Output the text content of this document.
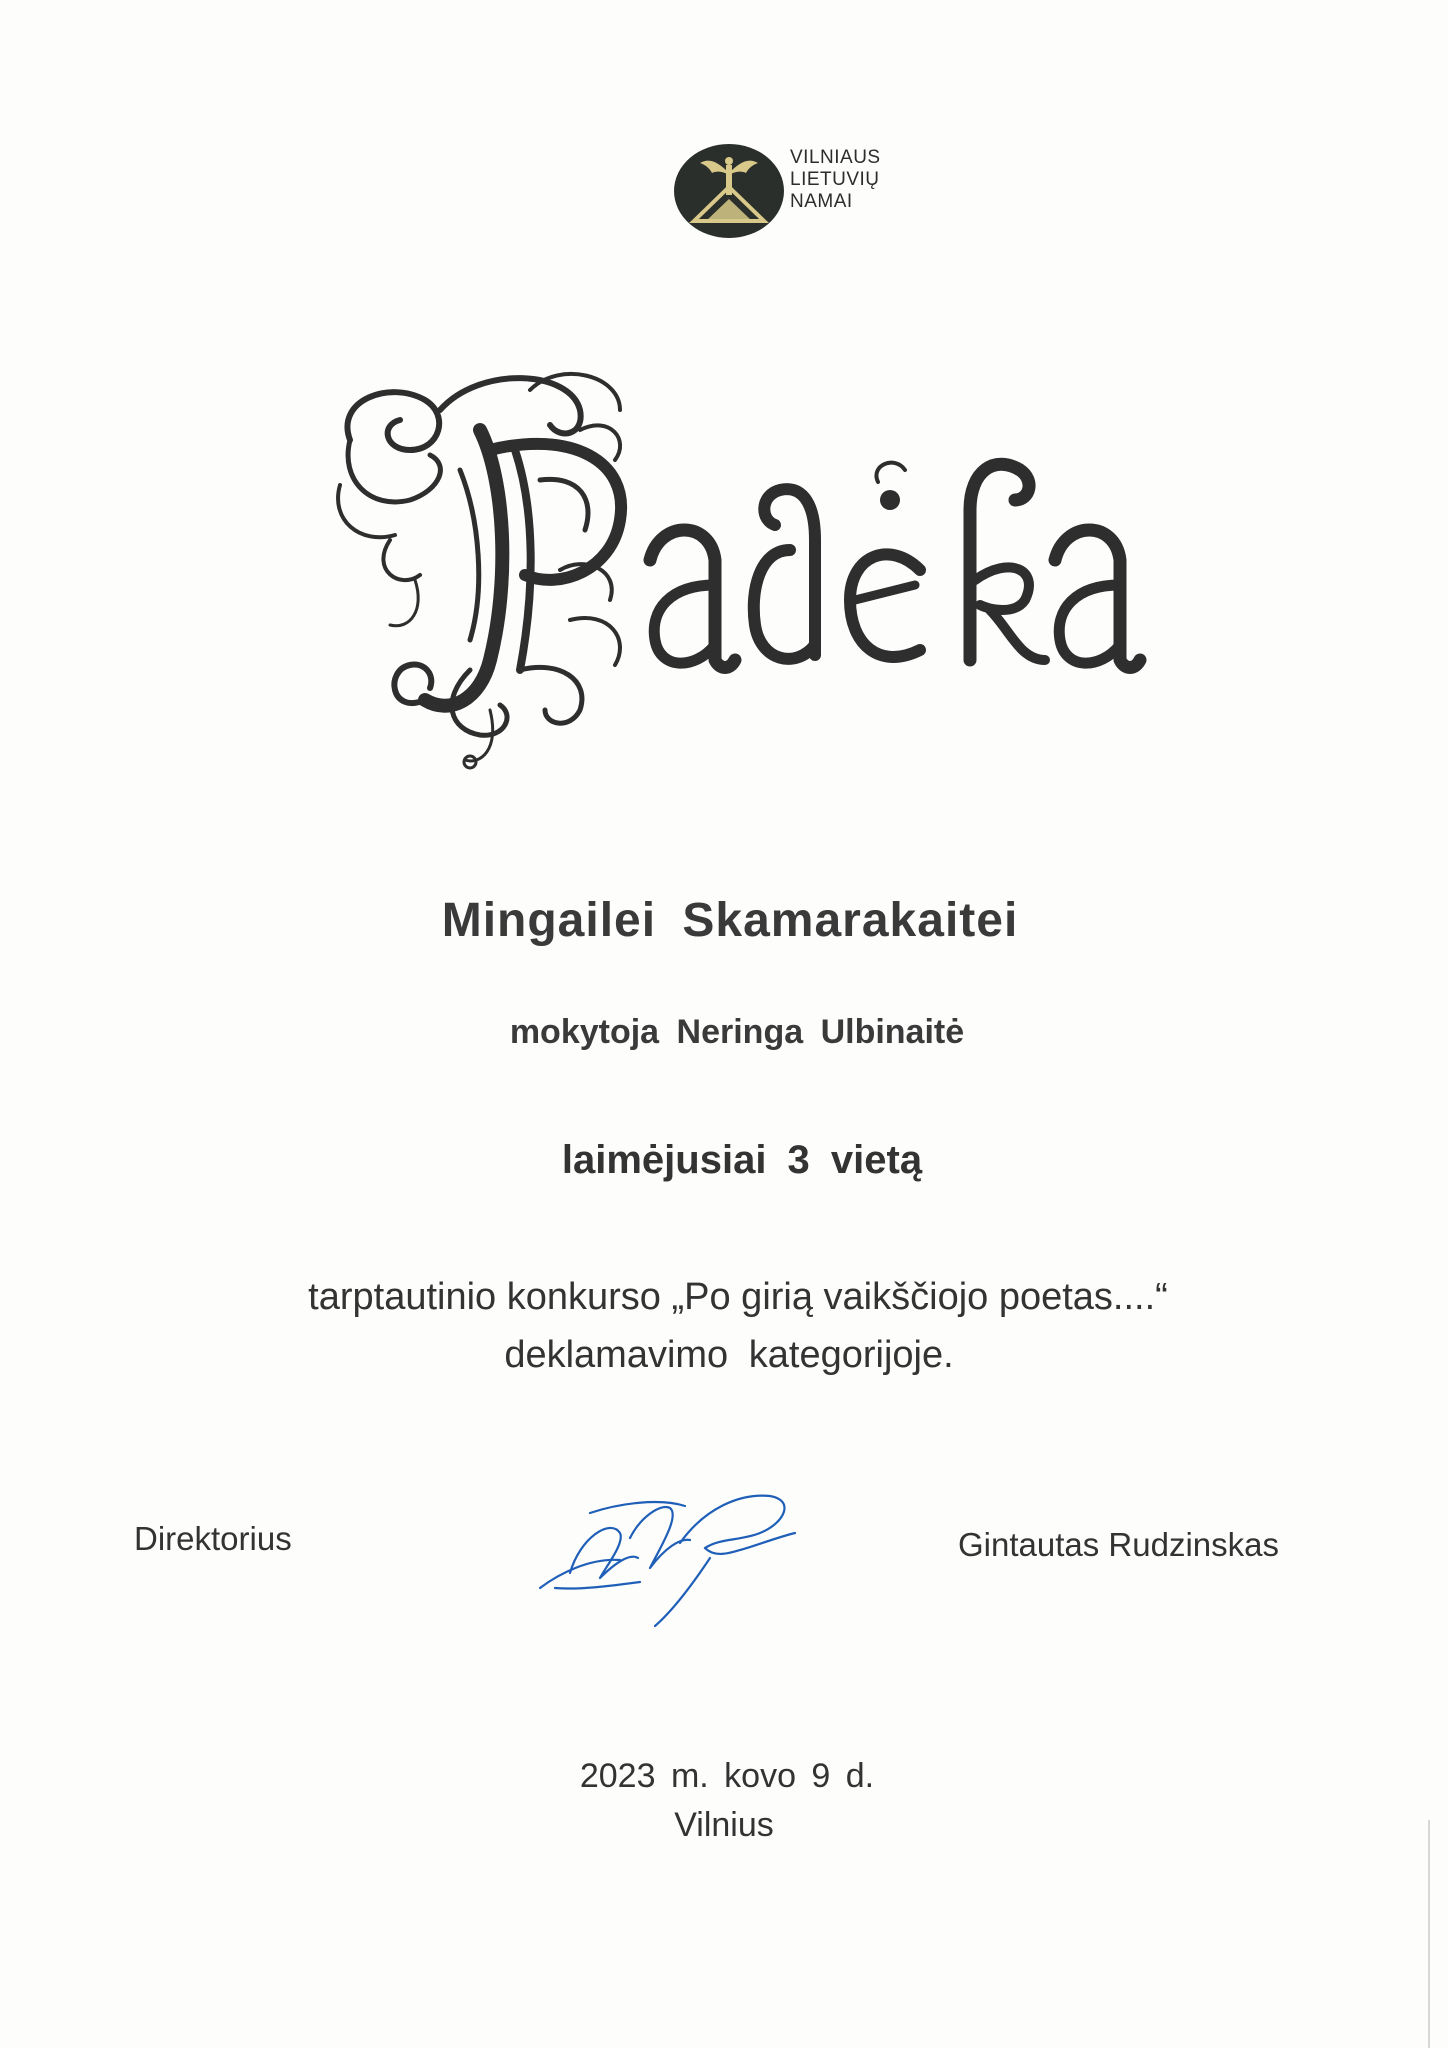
VILNIAUS
LIETUVIŲ
NAMAI
Mingailei Skamarakaitei
mokytoja Neringa Ulbinaitė
laimėjusiai 3 vietą
tarptautinio konkurso „Po girią vaikščiojo poetas....“
deklamavimo kategorijoje.
Direktorius	Gintautas Rudzinskas
2023 m. kovo 9 d.
Vilnius
